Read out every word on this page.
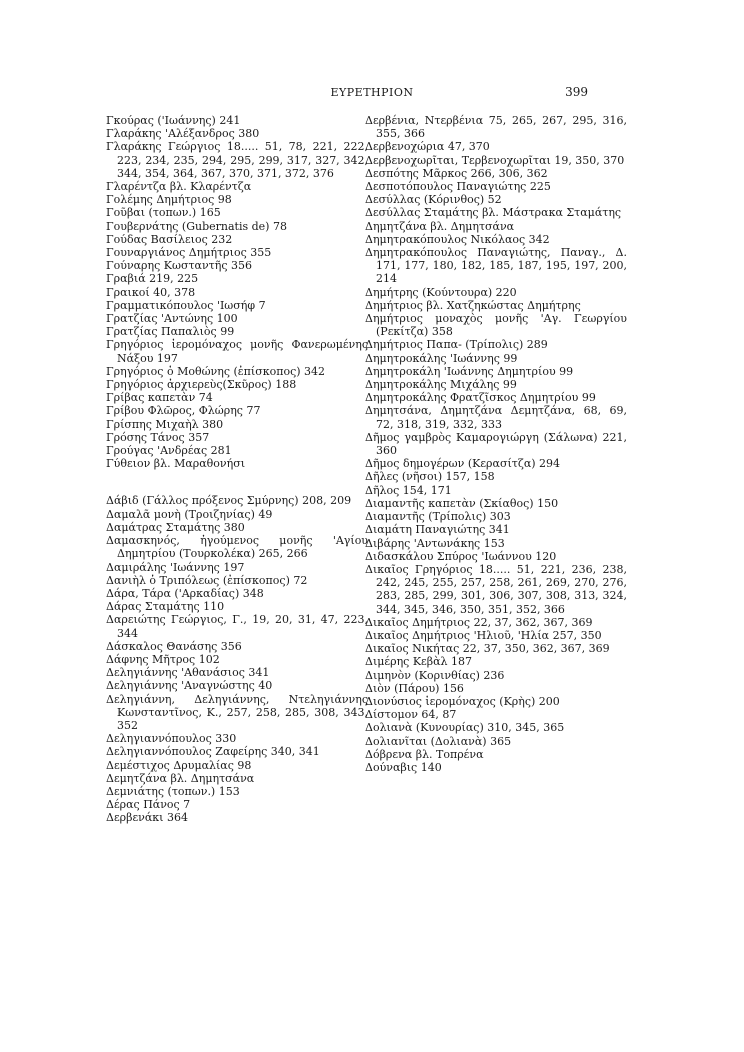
ΕΥΡΕΤΗΡΙΟΝ	399

Γκούρας ('Ιωάννης) 241

Γλαράκης 'Αλέξανδρος 380

Γλαράκης Γεώργιος 18..... 51, 78, 221, 222, 223, 234, 235, 294, 295, 299, 317, 327, 342, 344, 354, 364, 367, 370, 371, 372, 376

Γλαρέντζα βλ. Κλαρέντζα

Γολέμης Δημήτριος 98

Γοῦβαι (τοπων.) 165

Γουβερνάτης (Gubernatis de) 78

Γούδας Βασίλειος 232

Γουναργιάνος Δημήτριος 355

Γούναρης Κωσταντῆς 356

Γραβιά 219, 225

Γραικοί 40, 378

Γραμματικόπουλος 'Ιωσήφ 7

Γρατζίας 'Αντώνης 100

Γρατζίας Παπαλιὸς 99

Γρηγόριος ἱερομόναχος μονῆς Φανερωμένης Νάξου 197

Γρηγόριος ὁ Μοθώνης (ἐπίσκοπος) 342

Γρηγόριος ἀρχιερεὺς(Σκῦρος) 188

Γρίβας καπετὰν 74

Γρίβου Φλῶρος, Φλώρης 77

Γρίσπης Μιχαὴλ 380

Γρόσης Τάνος 357

Γρούγας 'Ανδρέας 281

Γύθειον βλ. Μαραθονήσι

Δάβιδ (Γάλλος πρόξενος Σμύρνης) 208, 209

Δαμαλᾶ μονὴ (Τροιζηνίας) 49

Δαμάτρας Σταμάτης 380

Δαμασκηνός, ἡγούμενος μονῆς 'Αγίου Δημητρίου (Τουρκολέκα) 265, 266

Δαμιράλης 'Ιωάννης 197

Δανιὴλ ὁ Τριπόλεως (ἐπίσκοπος) 72

Δάρα, Τάρα ('Αρκαδίας) 348

Δάρας Σταμάτης 110

Δαρειώτης Γεώργιος, Γ., 19, 20, 31, 47, 223, 344

Δάσκαλος Θανάσης 356

Δάφνης Μῆτρος 102

Δεληγιάννης 'Αθανάσιος 341

Δεληγιάννης 'Αναγνώστης 40

Δεληγιάννη, Δεληγιάννης, Ντεληγιάννης Κωνσταντῖνος, Κ., 257, 258, 285, 308, 343, 352

Δεληγιαννόπουλος 330

Δεληγιαννόπουλος Ζαφείρης 340, 341

Δεμέστιχος Δρυμαλίας 98

Δεμητζάνα βλ. Δημητσάνα

Δεμνιάτης (τοπων.) 153

Δέρας Πάνος 7

Δερβενάκι 364

Δερβένια, Ντερβένια 75, 265, 267, 295, 316, 355, 366

Δερβενοχώρια 47, 370

Δερβενοχωρῖται, Τερβενοχωρῖται 19, 350, 370

Δεσπότης Μᾶρκος 266, 306, 362

Δεσποτόπουλος Παναγιώτης 225

Δεσύλλας (Κόρινθος) 52

Δεσύλλας Σταμάτης βλ. Μάστρακα Σταμάτης

Δημητζάνα βλ. Δημητσάνα

Δημητρακόπουλος Νικόλαος 342

Δημητρακόπουλος Παναγιώτης, Παναγ., Δ. 171, 177, 180, 182, 185, 187, 195, 197, 200, 214

Δημήτρης (Κούντουρα) 220

Δημήτριος βλ. Χατζηκώστας Δημήτρης

Δημήτριος μοναχὸς μονῆς 'Αγ. Γεωργίου (Ρεκίτζα) 358

Δημήτριος Παπα- (Τρίπολις) 289

Δημητροκάλης 'Ιωάννης 99

Δημητροκάλη 'Ιωάννης Δημητρίου 99

Δημητροκάλης Μιχάλης 99

Δημητροκάλης Φρατζῖσκος Δημητρίου 99

Δημητσάνα, Δημητζάνα Δεμητζάνα, 68, 69, 72, 318, 319, 332, 333

Δῆμος γαμβρὸς Καμαρογιώργη (Σάλωνα) 221, 360

Δῆμος δημογέρων (Κερασίτζα) 294

Δῆλες (νῆσοι) 157, 158

Δῆλος 154, 171

Διαμαντῆς καπετὰν (Σκίαθος) 150

Διαμαντῆς (Τρίπολις) 303

Διαμάτη Παναγιώτης 341

Διβάρης 'Αντωνάκης 153

Διδασκάλου Σπύρος 'Ιωάννου 120

Δικαῖος Γρηγόριος 18..... 51, 221, 236, 238, 242, 245, 255, 257, 258, 261, 269, 270, 276, 283, 285, 299, 301, 306, 307, 308, 313, 324, 344, 345, 346, 350, 351, 352, 366

Δικαῖος Δημήτριος 22, 37, 362, 367, 369

Δικαῖος Δημήτριος 'Ηλιοῦ, 'Ηλία 257, 350

Δικαῖος Νικήτας 22, 37, 350, 362, 367, 369

Διμέρης Κεβὰλ 187

Διμηνὸν (Κορινθίας) 236

Διὸν (Πάρου) 156

Διονύσιος ἱερομόναχος (Κρὴς) 200

Δίστομον 64, 87

Δολιανὰ (Κυνουρίας) 310, 345, 365

Δολιανῖται (Δολιανὰ) 365

Δόβρενα βλ. Τοπρένα

Δούναβις 140
